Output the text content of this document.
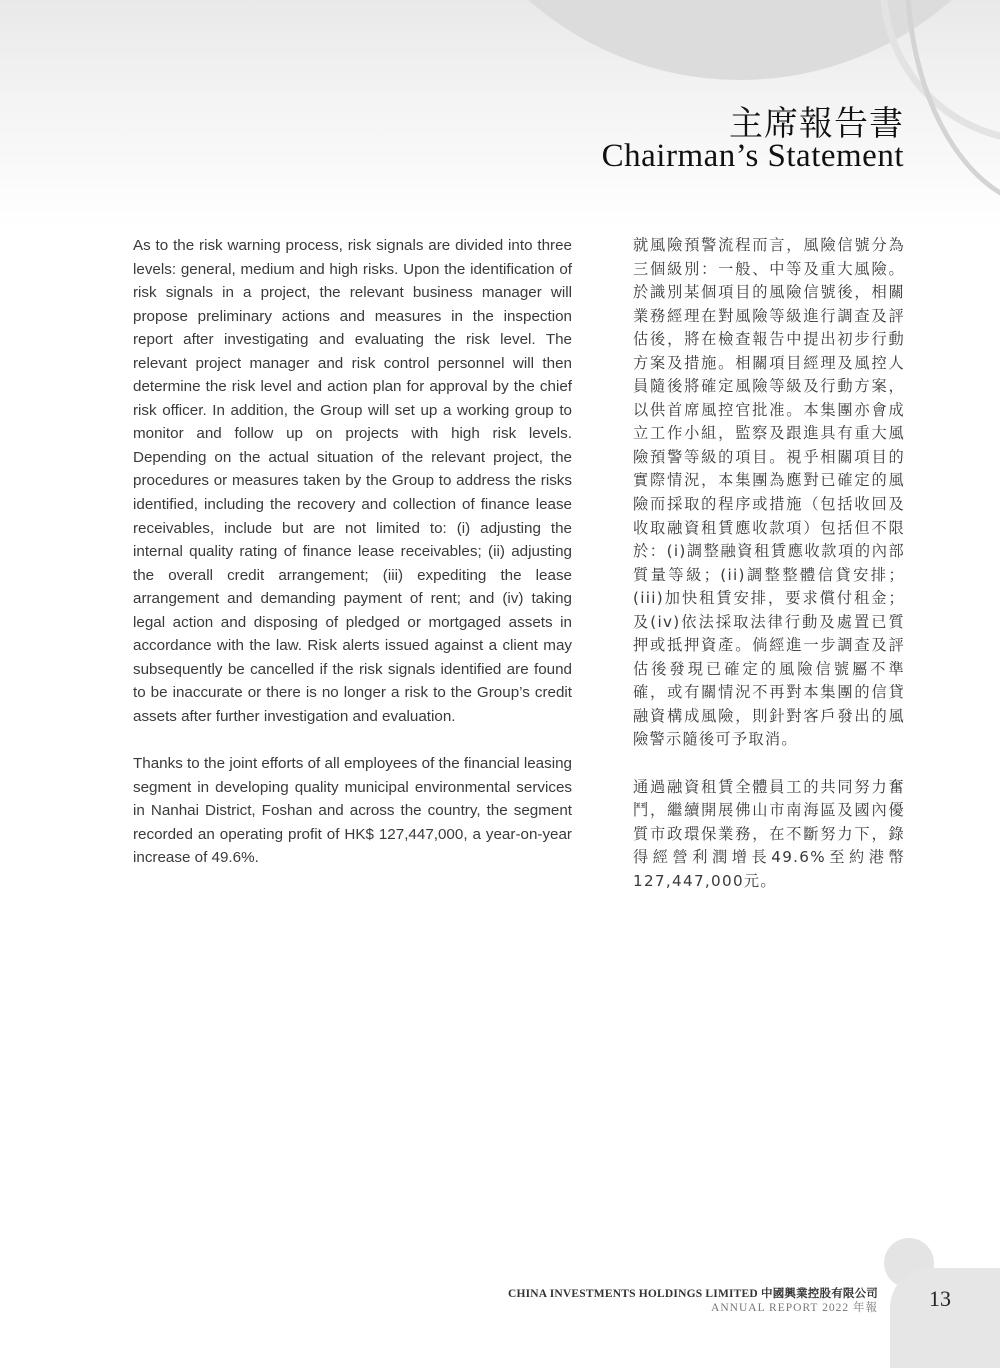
主席報告書
Chairman’s Statement

As to the risk warning process, risk signals are divided into three levels: general, medium and high risks. Upon the identification of risk signals in a project, the relevant business manager will propose preliminary actions and measures in the inspection report after investigating and evaluating the risk level. The relevant project manager and risk control personnel will then determine the risk level and action plan for approval by the chief risk officer. In addition, the Group will set up a working group to monitor and follow up on projects with high risk levels. Depending on the actual situation of the relevant project, the procedures or measures taken by the Group to address the risks identified, including the recovery and collection of finance lease receivables, include but are not limited to: (i) adjusting the internal quality rating of finance lease receivables; (ii) adjusting the overall credit arrangement; (iii) expediting the lease arrangement and demanding payment of rent; and (iv) taking legal action and disposing of pledged or mortgaged assets in accordance with the law. Risk alerts issued against a client may subsequently be cancelled if the risk signals identified are found to be inaccurate or there is no longer a risk to the Group’s credit assets after further investigation and evaluation.

Thanks to the joint efforts of all employees of the financial leasing segment in developing quality municipal environmental services in Nanhai District, Foshan and across the country, the segment recorded an operating profit of HK$ 127,447,000, a year-on-year increase of 49.6%.

就風險預警流程而言，風險信號分為三個級別：一般、中等及重大風險。於識別某個項目的風險信號後，相關業務經理在對風險等級進行調查及評估後，將在檢查報告中提出初步行動方案及措施。相關項目經理及風控人員隨後將確定風險等級及行動方案，以供首席風控官批准。本集團亦會成立工作小組，監察及跟進具有重大風險預警等級的項目。視乎相關項目的實際情況，本集團為應對已確定的風險而採取的程序或措施（包括收回及收取融資租賃應收款項）包括但不限於：(i)調整融資租賃應收款項的內部質量等級；(ii)調整整體信貸安排；(iii)加快租賃安排，要求償付租金；及(iv)依法採取法律行動及處置已質押或抵押資產。倘經進一步調查及評估後發現已確定的風險信號屬不準確，或有關情況不再對本集團的信貸融資構成風險，則針對客戶發出的風險警示隨後可予取消。

通過融資租賃全體員工的共同努力奮鬥，繼續開展佛山市南海區及國內優質市政環保業務，在不斷努力下，錄得經營利潤增長49.6%至約港幣127,447,000元。

13
CHINA INVESTMENTS HOLDINGS LIMITED 中國興業控股有限公司
ANNUAL REPORT 2022 年報
